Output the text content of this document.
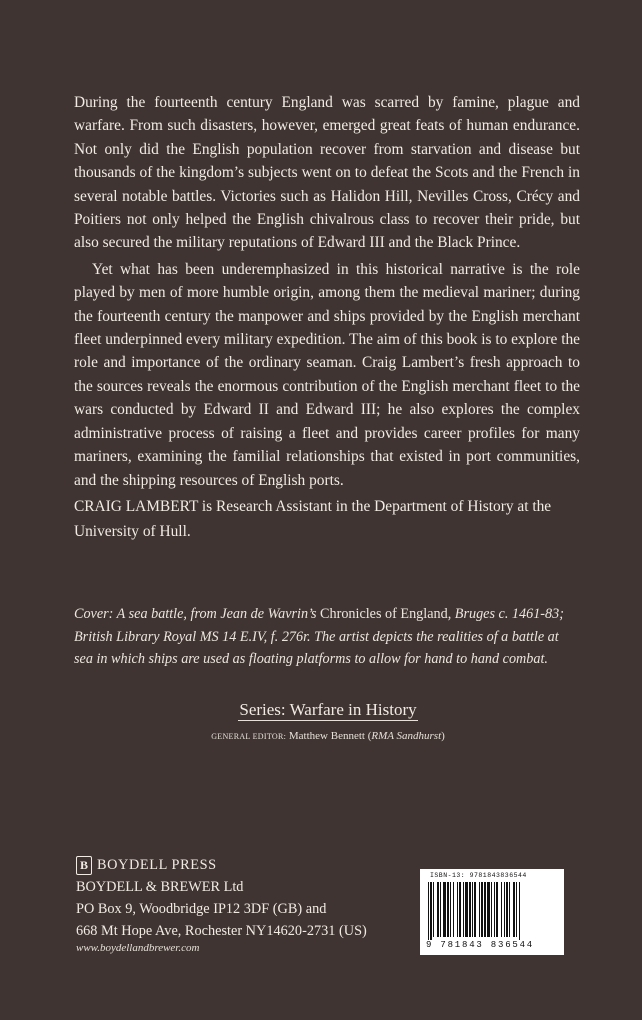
During the fourteenth century England was scarred by famine, plague and warfare. From such disasters, however, emerged great feats of human endurance. Not only did the English population recover from starvation and disease but thousands of the kingdom’s subjects went on to defeat the Scots and the French in several notable battles. Victories such as Halidon Hill, Nevilles Cross, Crécy and Poitiers not only helped the English chivalrous class to recover their pride, but also secured the military reputations of Edward III and the Black Prince.

Yet what has been underemphasized in this historical narrative is the role played by men of more humble origin, among them the medieval mariner; during the fourteenth century the manpower and ships provided by the English merchant fleet underpinned every military expedition. The aim of this book is to explore the role and importance of the ordinary seaman. Craig Lambert’s fresh approach to the sources reveals the enormous contribution of the English merchant fleet to the wars conducted by Edward II and Edward III; he also explores the complex administrative process of raising a fleet and provides career profiles for many mariners, examining the familial relationships that existed in port communities, and the shipping resources of English ports.

CRAIG LAMBERT is Research Assistant in the Department of History at the University of Hull.

Cover: A sea battle, from Jean de Wavrin’s Chronicles of England, Bruges c. 1461-83; British Library Royal MS 14 E.IV, f. 276r. The artist depicts the realities of a battle at sea in which ships are used as floating platforms to allow for hand to hand combat.
Series: Warfare in History
GENERAL EDITOR: Matthew Bennett (RMA Sandhurst)
B BOYDELL PRESS
BOYDELL & BREWER Ltd
PO Box 9, Woodbridge IP12 3DF (GB) and
668 Mt Hope Ave, Rochester NY14620-2731 (US)
www.boydellandbrewer.com
ISBN-13: 9781843836544
9 781843 836544
